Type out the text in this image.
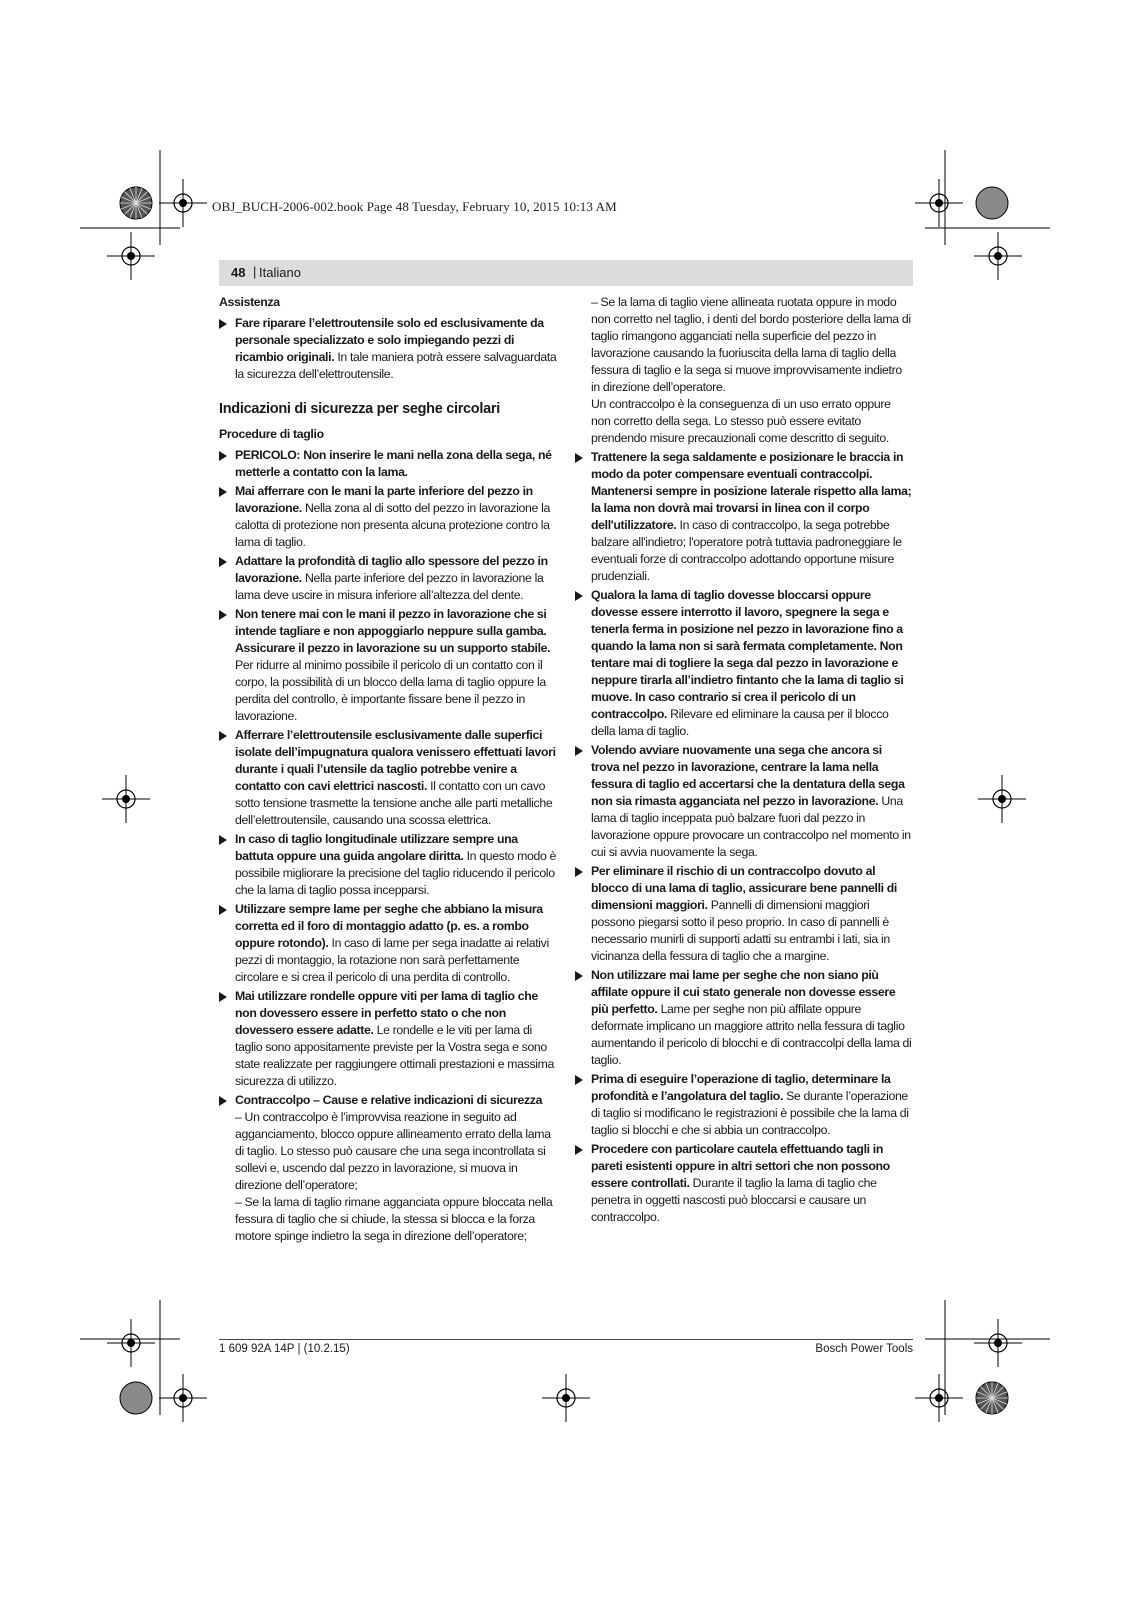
OBJ_BUCH-2006-002.book Page 48 Tuesday, February 10, 2015 10:13 AM
48 | Italiano
Assistenza

Fare riparare l’elettroutensile solo ed esclusivamente da personale specializzato e solo impiegando pezzi di ricambio originali. In tale maniera potrà essere salvaguardata la sicurezza dell’elettroutensile.

Indicazioni di sicurezza per seghe circolari
Procedure di taglio

PERICOLO: Non inserire le mani nella zona della sega, né metterle a contatto con la lama.

Mai afferrare con le mani la parte inferiore del pezzo in lavorazione. Nella zona al di sotto del pezzo in lavorazione la calotta di protezione non presenta alcuna protezione contro la lama di taglio.

Adattare la profondità di taglio allo spessore del pezzo in lavorazione. Nella parte inferiore del pezzo in lavorazione la lama deve uscire in misura inferiore all’altezza del dente.

Non tenere mai con le mani il pezzo in lavorazione che si intende tagliare e non appoggiarlo neppure sulla gamba. Assicurare il pezzo in lavorazione su un supporto stabile. Per ridurre al minimo possibile il pericolo di un contatto con il corpo, la possibilità di un blocco della lama di taglio oppure la perdita del controllo, è importante fissare bene il pezzo in lavorazione.

Afferrare l’elettroutensile esclusivamente dalle superfici isolate dell’impugnatura qualora venissero effettuati lavori durante i quali l’utensile da taglio potrebbe venire a contatto con cavi elettrici nascosti. Il contatto con un cavo sotto tensione trasmette la tensione anche alle parti metalliche dell’elettroutensile, causando una scossa elettrica.

In caso di taglio longitudinale utilizzare sempre una battuta oppure una guida angolare diritta. In questo modo è possibile migliorare la precisione del taglio riducendo il pericolo che la lama di taglio possa incepparsi.

Utilizzare sempre lame per seghe che abbiano la misura corretta ed il foro di montaggio adatto (p. es. a rombo oppure rotondo). In caso di lame per sega inadatte ai relativi pezzi di montaggio, la rotazione non sarà perfettamente circolare e si crea il pericolo di una perdita di controllo.

Mai utilizzare rondelle oppure viti per lama di taglio che non dovessero essere in perfetto stato o che non dovessero essere adatte. Le rondelle e le viti per lama di taglio sono appositamente previste per la Vostra sega e sono state realizzate per raggiungere ottimali prestazioni e massima sicurezza di utilizzo.

Contraccolpo – Cause e relative indicazioni di sicurezza

– Un contraccolpo è l’improvvisa reazione in seguito ad agganciamento, blocco oppure allineamento errato della lama di taglio. Lo stesso può causare che una sega incontrollata si sollevi e, uscendo dal pezzo in lavorazione, si muova in direzione dell’operatore;

– Se la lama di taglio rimane agganciata oppure bloccata nella fessura di taglio che si chiude, la stessa si blocca e la forza motore spinge indietro la sega in direzione dell’operatore;

– Se la lama di taglio viene allineata ruotata oppure in modo non corretto nel taglio, i denti del bordo posteriore della lama di taglio rimangono agganciati nella superficie del pezzo in lavorazione causando la fuoriuscita della lama di taglio della fessura di taglio e la sega si muove improvvisamente indietro in direzione dell’operatore.

Un contraccolpo è la conseguenza di un uso errato oppure non corretto della sega. Lo stesso può essere evitato prendendo misure precauzionali come descritto di seguito.

Trattenere la sega saldamente e posizionare le braccia in modo da poter compensare eventuali contraccolpi. Mantenersi sempre in posizione laterale rispetto alla lama; la lama non dovrà mai trovarsi in linea con il corpo dell'utilizzatore. In caso di contraccolpo, la sega potrebbe balzare all'indietro; l'operatore potrà tuttavia padroneggiare le eventuali forze di contraccolpo adottando opportune misure prudenziali.

Qualora la lama di taglio dovesse bloccarsi oppure dovesse essere interrotto il lavoro, spegnere la sega e tenerla ferma in posizione nel pezzo in lavorazione fino a quando la lama non si sarà fermata completamente. Non tentare mai di togliere la sega dal pezzo in lavorazione e neppure tirarla all’indietro fintanto che la lama di taglio si muove. In caso contrario si crea il pericolo di un contraccolpo. Rilevare ed eliminare la causa per il blocco della lama di taglio.

Volendo avviare nuovamente una sega che ancora si trova nel pezzo in lavorazione, centrare la lama nella fessura di taglio ed accertarsi che la dentatura della sega non sia rimasta agganciata nel pezzo in lavorazione. Una lama di taglio inceppata può balzare fuori dal pezzo in lavorazione oppure provocare un contraccolpo nel momento in cui si avvia nuovamente la sega.

Per eliminare il rischio di un contraccolpo dovuto al blocco di una lama di taglio, assicurare bene pannelli di dimensioni maggiori. Pannelli di dimensioni maggiori possono piegarsi sotto il peso proprio. In caso di pannelli è necessario munirli di supporti adatti su entrambi i lati, sia in vicinanza della fessura di taglio che a margine.

Non utilizzare mai lame per seghe che non siano più affilate oppure il cui stato generale non dovesse essere più perfetto. Lame per seghe non più affilate oppure deformate implicano un maggiore attrito nella fessura di taglio aumentando il pericolo di blocchi e di contraccolpi della lama di taglio.

Prima di eseguire l’operazione di taglio, determinare la profondità e l’angolatura del taglio. Se durante l’operazione di taglio si modificano le registrazioni è possibile che la lama di taglio si blocchi e che si abbia un contraccolpo.

Procedere con particolare cautela effettuando tagli in pareti esistenti oppure in altri settori che non possono essere controllati. Durante il taglio la lama di taglio che penetra in oggetti nascosti può bloccarsi e causare un contraccolpo.

1 609 92A 14P | (10.2.15)	Bosch Power Tools
